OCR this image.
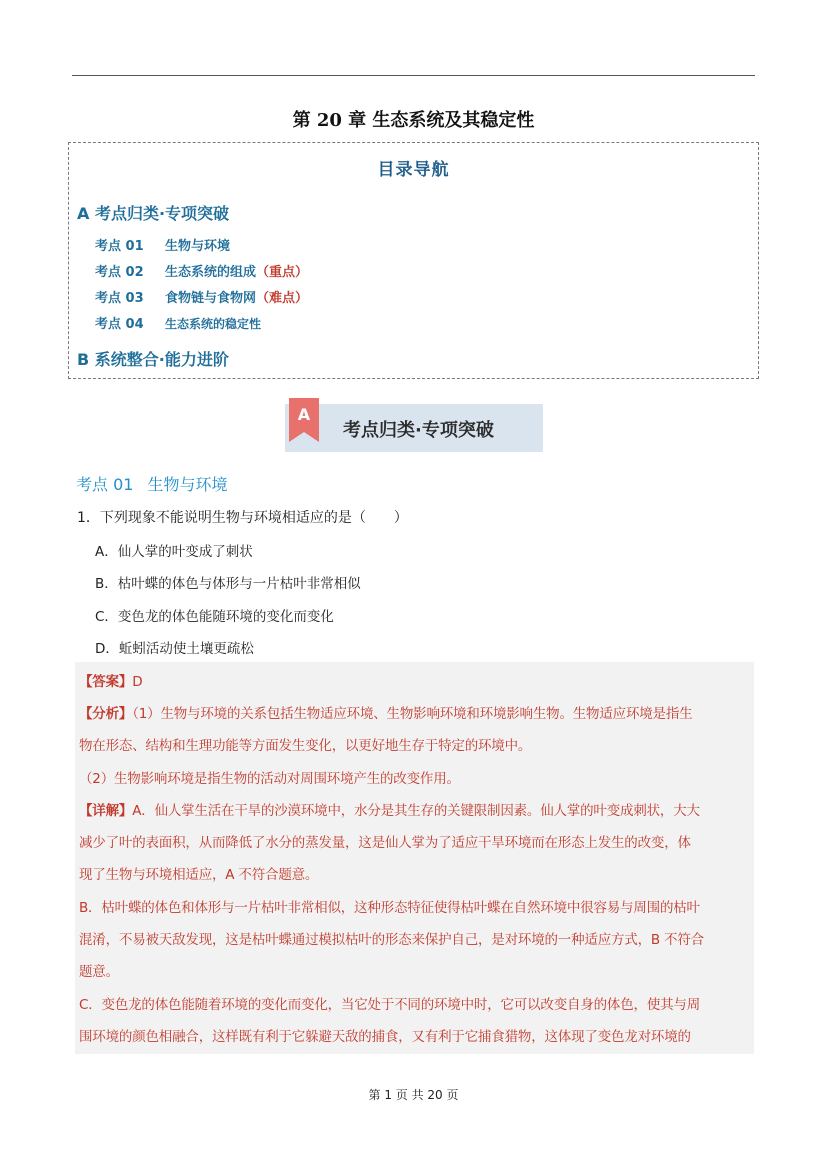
第 20 章 生态系统及其稳定性
目录导航
A 考点归类·专项突破
考点 01 生物与环境
考点 02 生态系统的组成（重点）
考点 03 食物链与食物网（难点）
考点 04 生态系统的稳定性
B 系统整合·能力进阶
A
考点归类·专项突破
考点 01 生物与环境
1．下列现象不能说明生物与环境相适应的是（　　）
A．仙人掌的叶变成了刺状
B．枯叶蝶的体色与体形与一片枯叶非常相似
C．变色龙的体色能随环境的变化而变化
D．蚯蚓活动使土壤更疏松
【答案】D
【分析】（1）生物与环境的关系包括生物适应环境、生物影响环境和环境影响生物。生物适应环境是指生
物在形态、结构和生理功能等方面发生变化，以更好地生存于特定的环境中。
（2）生物影响环境是指生物的活动对周围环境产生的改变作用。
【详解】A．仙人掌生活在干旱的沙漠环境中，水分是其生存的关键限制因素。仙人掌的叶变成刺状，大大
减少了叶的表面积，从而降低了水分的蒸发量，这是仙人掌为了适应干旱环境而在形态上发生的改变，体
现了生物与环境相适应，A 不符合题意。
B．枯叶蝶的体色和体形与一片枯叶非常相似，这种形态特征使得枯叶蝶在自然环境中很容易与周围的枯叶
混淆，不易被天敌发现，这是枯叶蝶通过模拟枯叶的形态来保护自己，是对环境的一种适应方式，B 不符合
题意。
C．变色龙的体色能随着环境的变化而变化，当它处于不同的环境中时，它可以改变自身的体色，使其与周
围环境的颜色相融合，这样既有利于它躲避天敌的捕食，又有利于它捕食猎物，这体现了变色龙对环境的
第 1 页 共 20 页
